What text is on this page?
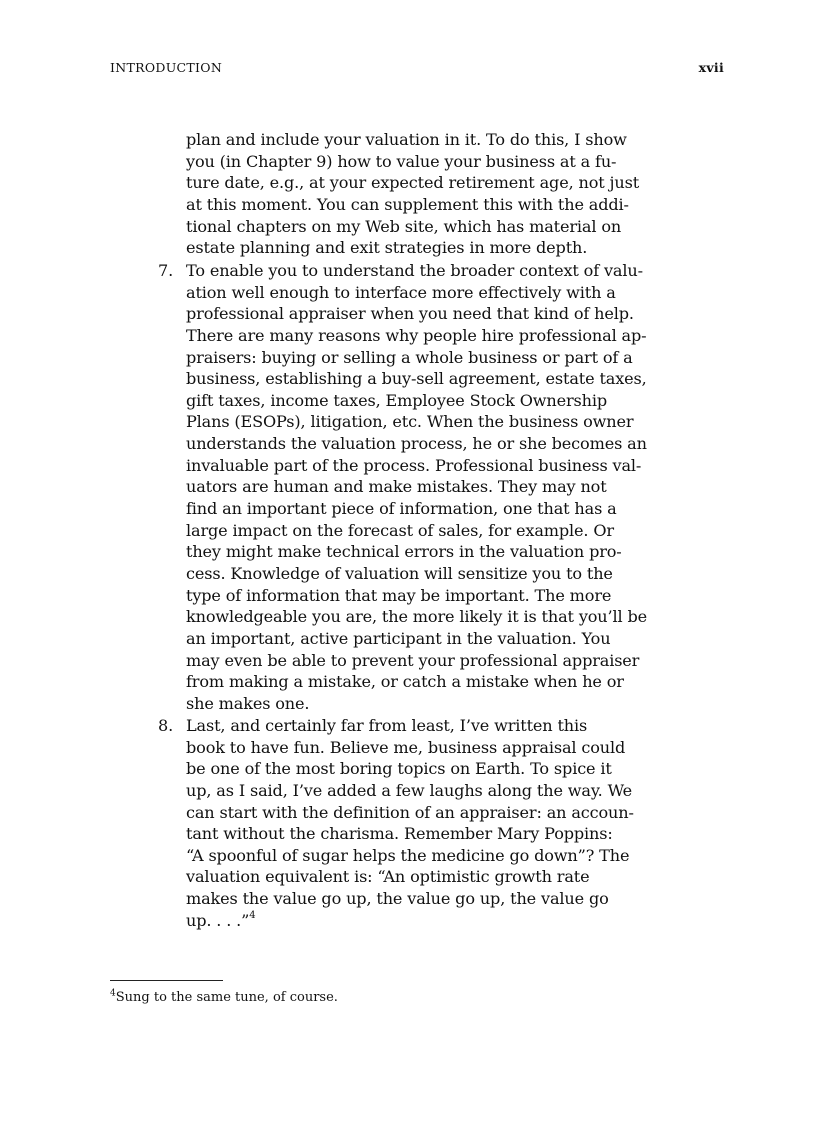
INTRODUCTION	xvii
plan and include your valuation in it. To do this, I show
you (in Chapter 9) how to value your business at a fu-
ture date, e.g., at your expected retirement age, not just
at this moment. You can supplement this with the addi-
tional chapters on my Web site, which has material on
estate planning and exit strategies in more depth.
7. To enable you to understand the broader context of valu-
ation well enough to interface more effectively with a
professional appraiser when you need that kind of help.
There are many reasons why people hire professional ap-
praisers: buying or selling a whole business or part of a
business, establishing a buy-sell agreement, estate taxes,
gift taxes, income taxes, Employee Stock Ownership
Plans (ESOPs), litigation, etc. When the business owner
understands the valuation process, he or she becomes an
invaluable part of the process. Professional business val-
uators are human and make mistakes. They may not
find an important piece of information, one that has a
large impact on the forecast of sales, for example. Or
they might make technical errors in the valuation pro-
cess. Knowledge of valuation will sensitize you to the
type of information that may be important. The more
knowledgeable you are, the more likely it is that you’ll be
an important, active participant in the valuation. You
may even be able to prevent your professional appraiser
from making a mistake, or catch a mistake when he or
she makes one.
8. Last, and certainly far from least, I’ve written this
book to have fun. Believe me, business appraisal could
be one of the most boring topics on Earth. To spice it
up, as I said, I’ve added a few laughs along the way. We
can start with the definition of an appraiser: an accoun-
tant without the charisma. Remember Mary Poppins:
“A spoonful of sugar helps the medicine go down”? The
valuation equivalent is: “An optimistic growth rate
makes the value go up, the value go up, the value go
up. . . .”$^4$
$^4$Sung to the same tune, of course.
